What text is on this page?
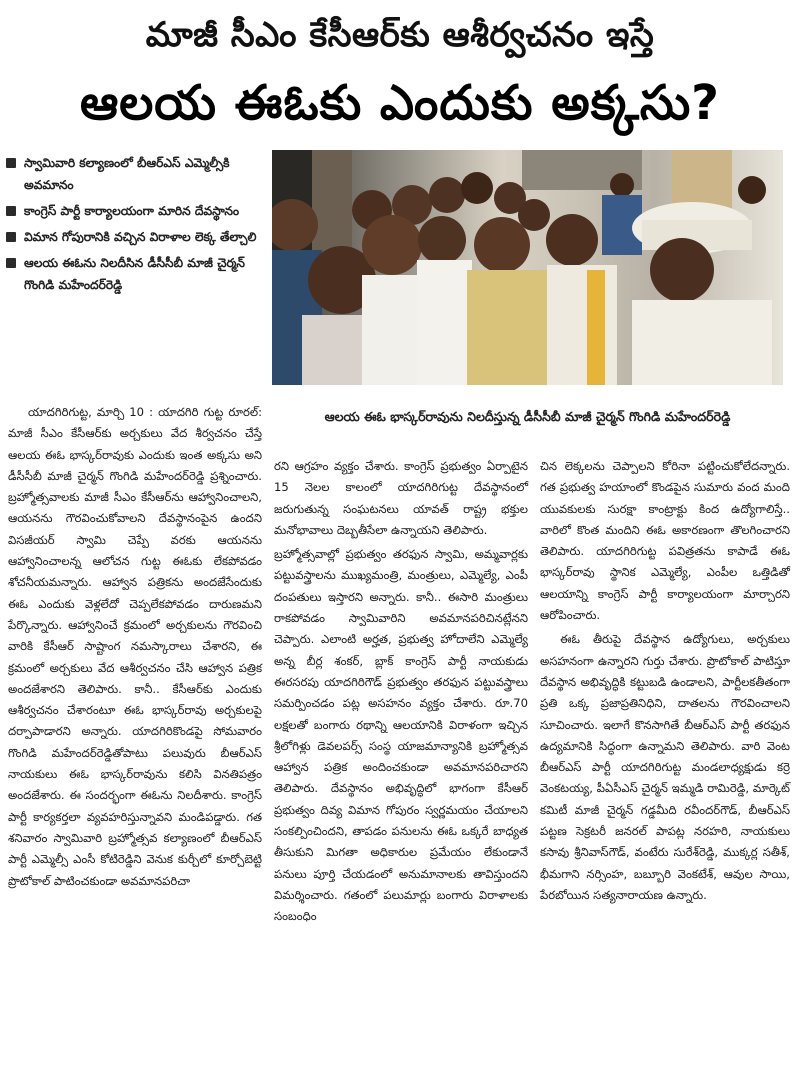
మాజీ సీఎం కేసీఆర్‌కు ఆశీర్వచనం ఇస్తే
ఆలయ ఈఓకు ఎందుకు అక్కసు?
స్వామివారి కల్యాణంలో బీఆర్ఎస్ ఎమ్మెల్సీకి అవమానం
కాంగ్రెస్ పార్టీ కార్యాలయంగా మారిన దేవస్థానం
విమాన గోపురానికి వచ్చిన విరాళాల లెక్క తేల్చాలి
ఆలయ ఈఓను నిలదీసిన డీసీసీబీ మాజీ చైర్మన్ గొంగిడి మహేందర్‌రెడ్డి
ఆలయ ఈఓ భాస్కర్‌రావును నిలదీస్తున్న డీసీసీబీ మాజీ చైర్మన్ గొంగిడి మహేందర్‌రెడ్డి

యాదగిరిగుట్ట, మార్చి 10 : యాదగిరి గుట్ట రూరల్: మాజీ సీఎం కేసీఆర్‌కు అర్చకులు వేద శీర్వచనం చేస్తే ఆలయ ఈఓ భాస్కర్‌రావుకు ఎందుకు ఇంత అక్కసు అని డీసీసీబీ మాజీ చైర్మన్ గొంగిడి మహేందర్‌రెడ్డి ప్రశ్నించారు. బ్రహ్మోత్సవాలకు మాజీ సీఎం కేసీఆర్‌ను ఆహ్వానించాలని, ఆయనను గౌరవించుకోవాలని దేవస్థానంపైన ఉందని విసజీయర్ స్వామి చెప్పే వరకు ఆయనను ఆహ్వానించాలన్న ఆలోచన గుట్ట ఈఓకు లేకపోవడం శోచనీయమన్నారు. ఆహ్వాన పత్రికను అందజేసేందుకు ఈఓ ఎందుకు వెళ్లలేదో చెప్పలేకపోవడం దారుణమని పేర్కొన్నారు. ఆహ్వానించే క్రమంలో అర్చకులను గౌరవించి వారికి కేసీఆర్ సాష్టాంగ నమస్కారాలు చేశారని, ఈ క్రమంలో అర్చకులు వేద ఆశీర్వచనం చేసి ఆహ్వాన పత్రిక అందజేశారని తెలిపారు. కానీ.. కేసీఆర్‌కు ఎందుకు ఆశీర్వచనం చేశారంటూ ఈఓ భాస్కర్‌రావు అర్చకులపై దర్పాపాడారని అన్నారు. యాదగిరికొండపై సోమవారం గొంగిడి మహేందర్‌రెడ్డితోపాటు పలువురు బీఆర్ఎస్ నాయకులు ఈఓ భాస్కర్‌రావును కలిసి వినతిపత్రం అందజేశారు. ఈ సందర్భంగా ఈఓను నిలదీశారు. కాంగ్రెస్ పార్టీ కార్యకర్తలా వ్యవహరిస్తున్నావని మండిపడ్డారు. గత శనివారం స్వామివారి బ్రహ్మోత్సవ కల్యాణంలో బీఆర్ఎస్ పార్టీ ఎమ్మెల్సీ ఎంసీ కోటిరెడ్డిని వెనుక కుర్చీలో కూర్చోబెట్టి ప్రొటోకాల్ పాటించకుండా అవమానపరిచా

రని ఆగ్రహం వ్యక్తం చేశారు. కాంగ్రెస్ ప్రభుత్వం ఏర్పాటైన 15 నెలల కాలంలో యాదగిరిగుట్ట దేవస్థానంలో జరుగుతున్న సంఘటనలు యావత్ రాష్ట్ర భక్తుల మనోభావాలు దెబ్బతీసేలా ఉన్నాయని తెలిపారు.

బ్రహ్మోత్సవాల్లో ప్రభుత్వం తరఫున స్వామి, అమ్మవార్లకు పట్టువస్త్రాలను ముఖ్యమంత్రి, మంత్రులు, ఎమ్మెల్యే, ఎంపీ దంపతులు ఇస్తారని అన్నారు. కానీ.. ఈసారి మంత్రులు రాకపోవడం స్వామివారిని అవమానపరిచినట్లేనని చెప్పారు. ఎలాంటి అర్హత, ప్రభుత్వ హోదాలేని ఎమ్మెల్యే అన్న బీర్ల శంకర్, బ్లాక్ కాంగ్రెస్ పార్టీ నాయకుడు ఈరసరపు యాదగిరిగౌడ్ ప్రభుత్వం తరఫున పట్టువస్త్రాలు సమర్పించడం పట్ల అసహనం వ్యక్తం చేశారు. రూ.70 లక్షలతో బంగారు రథాన్ని ఆలయానికి విరాళంగా ఇచ్చిన శ్రీలోగిళ్లు డెవలపర్స్ సంస్థ యాజమాన్యానికి బ్రహ్మోత్సవ ఆహ్వాన పత్రిక అందించకుండా అవమానపరిచారని తెలిపారు. దేవస్థానం అభివృద్ధిలో భాగంగా కేసీఆర్ ప్రభుత్వం దివ్య విమాన గోపురం స్వర్ణమయం చేయాలని సంకల్పించిందని, తాపడం పనులను ఈఓ ఒక్కరే బాధ్యత తీసుకుని మిగతా అధికారుల ప్రమేయం లేకుండానే పనులు పూర్తి చేయడంలో అనుమానాలకు తావిస్తుందని విమర్శించారు. గతంలో పలుమార్లు బంగారు విరాళాలకు సంబంధిం

చిన లెక్కలను చెప్పాలని కోరినా పట్టించుకోలేదన్నారు. గత ప్రభుత్వ హయాంలో కొండపైన సుమారు వంద మంది యువకులకు సురక్షా కాంట్రాక్టు కింద ఉద్యోగాలిస్తే.. వారిలో కొంత మందిని ఈఓ అకారణంగా తొలగించారని తెలిపారు. యాదగిరిగుట్ట పవిత్రతను కాపాడే ఈఓ భాస్కర్‌రావు స్థానిక ఎమ్మెల్యే, ఎంపీల ఒత్తిడితో ఆలయాన్ని కాంగ్రెస్ పార్టీ కార్యాలయంగా మార్చారని ఆరోపించారు.

ఈఓ తీరుపై దేవస్థాన ఉద్యోగులు, అర్చకులు అసహనంగా ఉన్నారని గుర్తు చేశారు. ప్రొటోకాల్ పాటిస్తూ దేవస్థాన అభివృద్ధికి కట్టుబడి ఉండాలని, పార్టీలకతీతంగా ప్రతి ఒక్క ప్రజాప్రతినిధిని, దాతలను గౌరవించాలని సూచించారు. ఇలాగే కొనసాగితే బీఆర్ఎస్ పార్టీ తరఫున ఉద్యమానికి సిద్ధంగా ఉన్నామని తెలిపారు. వారి వెంట బీఆర్ఎస్ పార్టీ యాదగిరిగుట్ట మండలాధ్యక్షుడు కర్రె వెంకటయ్య, పీఏసీఎస్ చైర్మన్ ఇమ్మడి రామిరెడ్డి, మార్కెట్ కమిటీ మాజీ చైర్మన్ గడ్డమీది రవీందర్‌గౌడ్, బీఆర్ఎస్ పట్టణ సెక్రటరీ జనరల్ పాపట్ల నరహరి, నాయకులు కసావు శ్రీనివాస్‌గౌడ్, వంటేరు సురేశ్‌రెడ్డి, ముక్కర్ల సతీశ్, భీమగాని నర్సింహ, బబ్బూరి వెంకటేశ్, ఆవుల సాయి, పేరబోయిన సత్యనారాయణ ఉన్నారు.
